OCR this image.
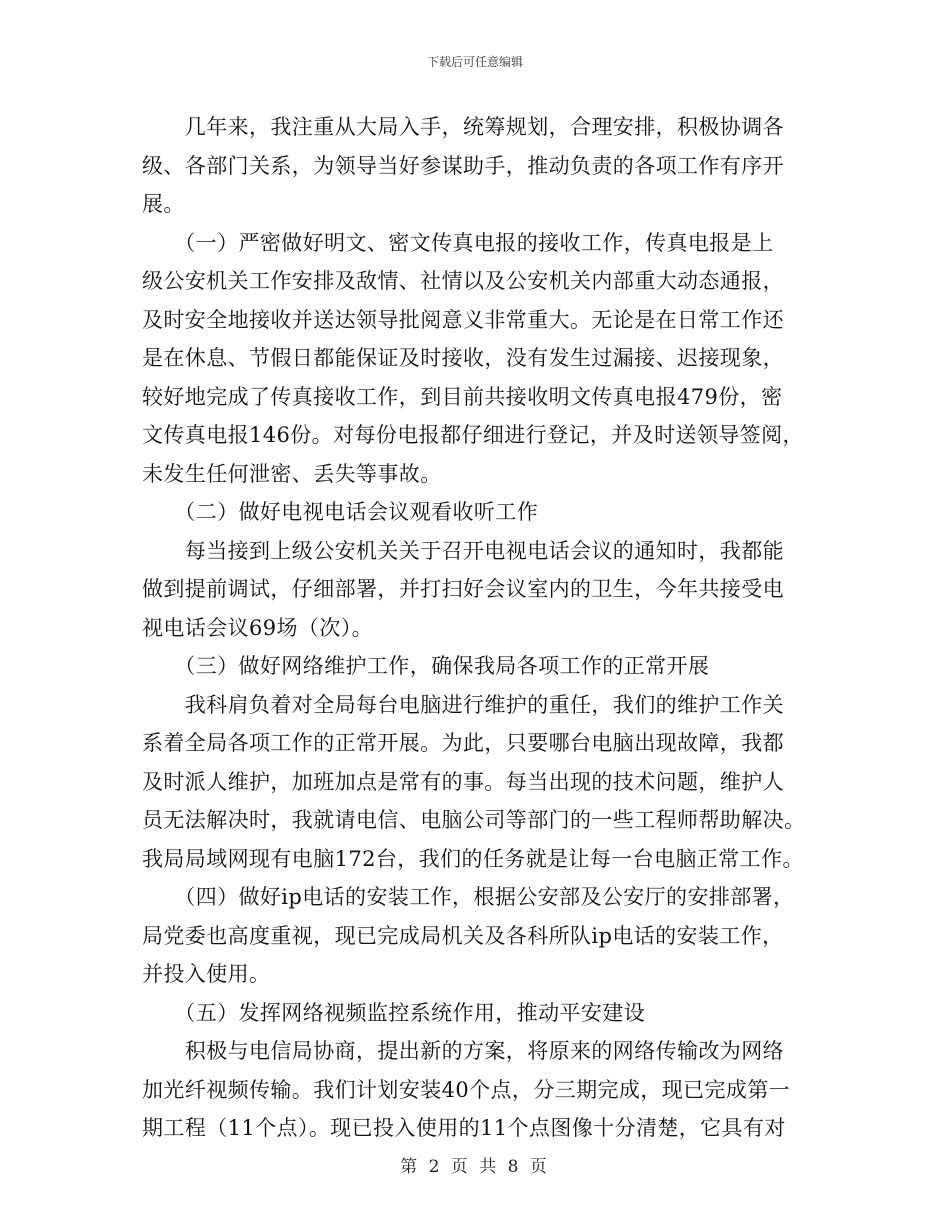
下载后可任意编辑
　　几年来，我注重从大局入手，统筹规划，合理安排，积极协调各
级、各部门关系，为领导当好参谋助手，推动负责的各项工作有序开
展。
　　（一）严密做好明文、密文传真电报的接收工作，传真电报是上
级公安机关工作安排及敌情、社情以及公安机关内部重大动态通报，
及时安全地接收并送达领导批阅意义非常重大。无论是在日常工作还
是在休息、节假日都能保证及时接收，没有发生过漏接、迟接现象，
较好地完成了传真接收工作，到目前共接收明文传真电报479份，密
文传真电报146份。对每份电报都仔细进行登记，并及时送领导签阅，
未发生任何泄密、丢失等事故。
　　（二）做好电视电话会议观看收听工作
　　每当接到上级公安机关关于召开电视电话会议的通知时，我都能
做到提前调试，仔细部署，并打扫好会议室内的卫生，今年共接受电
视电话会议69场（次）。
　　（三）做好网络维护工作，确保我局各项工作的正常开展
　　我科肩负着对全局每台电脑进行维护的重任，我们的维护工作关
系着全局各项工作的正常开展。为此，只要哪台电脑出现故障，我都
及时派人维护，加班加点是常有的事。每当出现的技术问题，维护人
员无法解决时，我就请电信、电脑公司等部门的一些工程师帮助解决。
我局局域网现有电脑172台，我们的任务就是让每一台电脑正常工作。
　　（四）做好ip电话的安装工作，根据公安部及公安厅的安排部署，
局党委也高度重视，现已完成局机关及各科所队ip电话的安装工作，
并投入使用。
　　（五）发挥网络视频监控系统作用，推动平安建设
　　积极与电信局协商，提出新的方案，将原来的网络传输改为网络
加光纤视频传输。我们计划安装40个点，分三期完成，现已完成第一
期工程（11个点）。现已投入使用的11个点图像十分清楚，它具有对
第 2 页 共 8 页
